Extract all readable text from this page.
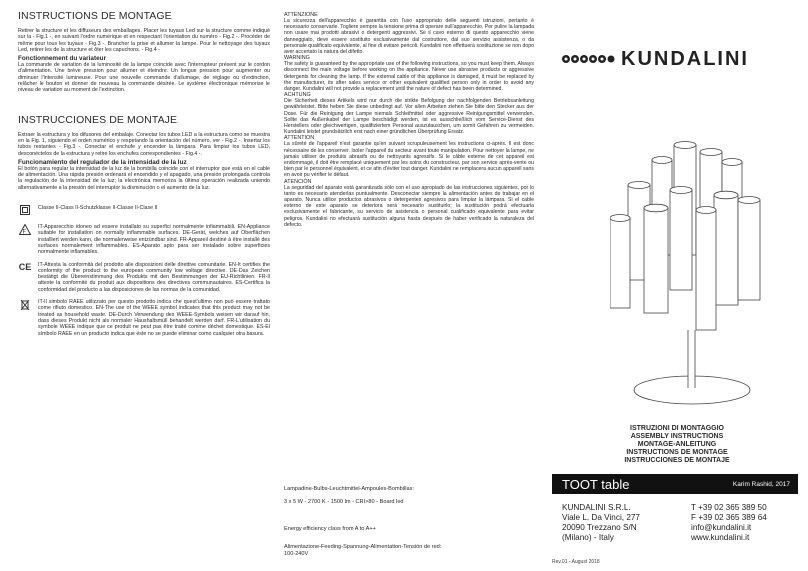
INSTRUCTIONS DE MONTAGE

Retirer la structure et les diffuseurs des emballages. Placer les tuyaux Led sur la structure comme indiqué sur la - Fig.1 -, en suivant l'ordre numérique et en respectant l'orientation du numéro - Fig.2 -. Procéder de même pour tous les tuyaux - Fig.3 -. Brancher la prise et allumer la lampe. Pour le nettoyage des tuyaux Led, retirer les de la structure et ôter les capuchons. - Fig.4 -

Fonctionnement du variateur

La commande de variation de la luminosité de la lampe coïncide avec l'interrupteur présent sur le cordon d'alimentation. Une brève pression pour allumer et éteindre. Un longue pression pour augmenter ou diminuer l'intensité lumineuse. Pour une nouvelle commande d'allumage, de réglage ou d'extinction, relâcher le bouton et donner de nouveau la commande désirée. Le système électronique mémorise le niveau de variation au moment de l'extinction.

INSTRUCCIONES DE MONTAJE

Extraer la estructura y los difusores del embalaje. Conectar los tubos LED a la estructura como se muestra en la Fig. 1, siguiendo el orden numérico y respetando la orientación del número, ver - Fig.2 -. Insertar los tubos restantes - Fig.3 -. Conectar el enchufe y encender la lámpara. Para limpiar los tubos LED, desconéctelos de la estructura y retire los enchufes correspondientes - Fig.4 -.

Funcionamiento del regulador de la intensidad de la luz

El botón para regular la intensidad de la luz de la bombilla coincide con el interruptor que está en el cable de alimentación. Una rápida presión ordenará el encendido y el apagado, una presión prolongada controla la regulación de la intensidad de la luz; la electrónica memoriza la última operación realizada uniendo alternativamente a la presión del interruptor la disminución o el aumento de la luz.

Classe II-Class II-Schutzklasse II-Classe II-Clase II

F

IT-Apparecchio idoneo ad essere installato su superfici normalmente infiammabili. EN-Appliance suitable for installation on normally inflammable surfaces. DE-Gerät, welches auf Oberflächen installiert werden kann, die normalerweise entzündbar sind. FR-Appareil destiné à être installé des surfaces normalement inflammables. ES-Aparato apto para ser instalado sobre superficies normalmente inflamables.

CE IT-Attesta la conformità del prodotto alle disposizioni delle direttive comunitarie. EN-It certifies the conformity of the product to the european community low voltage directive. DE-Das Zeichen bestätigt die Übereinstimmung des Produkts mit den Bestimmungen der EU-Richtlinien. FR-Il atteste la conformité du produit aux dispositions des directives communautaires. ES-Certifica la conformidad del producto a las disposiciones de las normas de la comunidad.

IT-Il simbolo RAEE utilizzato per questo prodotto indica che quest'ultimo non può essere trattato come rifiuto domestico. EN-The use of the WEEE symbol indicates that this product may not be treated as household waste. DE-Durch Verwendung des WEEE-Symbols weisen wir darauf hin, dass dieses Produkt nicht als normaler Haushaltsmüll behandelt werden darf. FR-L'utilisation du symbole WEEE indique que ce produit ne peut pas être traité comme déchet domestique. ES-El símbolo RAEE en un producto indica que éste no se puede eliminar como cualquier otra basura.

ATTENZIONE

La sicurezza dell'apparecchio è garantita con l'uso appropriato delle seguenti istruzioni, pertanto è necessario conservarle. Togliere sempre la tensione prima di operare sull'apparecchio. Per pulire la lampada non usare mai prodotti abrasivi o detergenti aggressivi. Se il cavo esterno di questo apparecchio viene danneggiato, deve essere sostituito esclusivamente dal costruttore, dal suo servizio assistenza, o da personale qualificato equivalente, al fine di evitare pericoli. Kundalini non effettuerà sostituzione se non dopo aver accertato la natura del difetto.

WARNING

The safety is guaranteed by the appropriate use of the following instructions, so you must keep them. Always disconnect the main voltage before working on the appliance. Never use abrasive products or aggressive detergents for cleaning the lamp. If the external cable of this appliance is damaged, it must be replaced by the manufacturer, its after sales service or other equivalent qualified person only in order to avoid any danger. Kundalini will not provide a replacement until the nature of defect has been determined.

ACHTUNG

Die Sicherheit dieses Artikels wird nur durch die strikte Befolgung der nachfolgenden Betriebsanleitung gewährleistet. Bitte heben Sie diese unbedingt auf. Vor allen Arbeiten ziehen Sie bitte den Stecker aus der Dose. Für die Reinigung der Lampe niemals Schleifmittel oder aggressive Reinigungsmittel verwenden. Sollte das Außenkabel der Lampe beschädigt werden, ist es ausschließlich vom Service-Dienst des Herstellers oder gleichwertigen, qualifiziertem Personal auszutauschen, um somit Gefahren zu vermeiden. Kundalini leistet grundsätzlich erst nach einer gründlichen Überprüfung Ersatz.

ATTENTION

La sûreté de l'appareil n'est garantie qu'en suivant scrupuleusement les instructions ci-après. Il est donc nécessaire de les conserver. Isoler l'appareil du secteur avant toute manipulation. Pour nettoyer la lampe, ne jamais utiliser de produits abrasifs ou de nettoyants agressifs. Si le câble externe de cet appareil est endommagé, il doit être remplacé uniquement par les soins du constructeur, par son service après-vente ou bien par le personnel équivalent, et ce afin d'éviter tout danger. Kundalini ne remplacera aucun appareil sans en avoir pu vérifier le défaut.

ATENCIÓN

La seguridad del aparato está garantizada sólo con el uso apropiado de las instrucciones siguientes, por lo tanto es necesario atenderlas puntualmente. Desconectar siempre la alimentación antes de trabajar en el aparato. Nunca utilice productos abrasivos o detergentes agresivos para limpiar la lámpara. Si el cable externo de este aparato se deteriora será necesario sustituirlo; la sustitución podrá efectuarla exclusivamente el fabricante, su servicio de asistencia o personal cualificado equivalente para evitar peligros. Kundalini no efectuará sustitución alguna hasta después de haber verificado la naturaleza del defecto.

Lampadine-Bulbs-Leuchtmittel-Ampoules-Bombillas:
3 x 5 W - 2700 K - 1500 lm - CRI>80 - Board led
Energy efficiency class from A to A++
Alimentazione-Feeding-Spannung-Alimentation-Tensión de red:
100-240V
KUNDALINI
ISTRUZIONI DI MONTAGGIO
ASSEMBLY INSTRUCTIONS
MONTAGE-ANLEITUNG
INSTRUCTIONS DE MONTAGE
INSTRUCCIONES DE MONTAJE
TOOT table	Karim Rashid, 2017
KUNDALINI S.R.L.
Viale L. Da Vinci, 277
20090 Trezzano S/N
(Milano) - Italy
T +39 02 365 389 50
F +39 02 365 389 64
info@kundalini.it
www.kundalini.it
Rev.01 - August 2018
